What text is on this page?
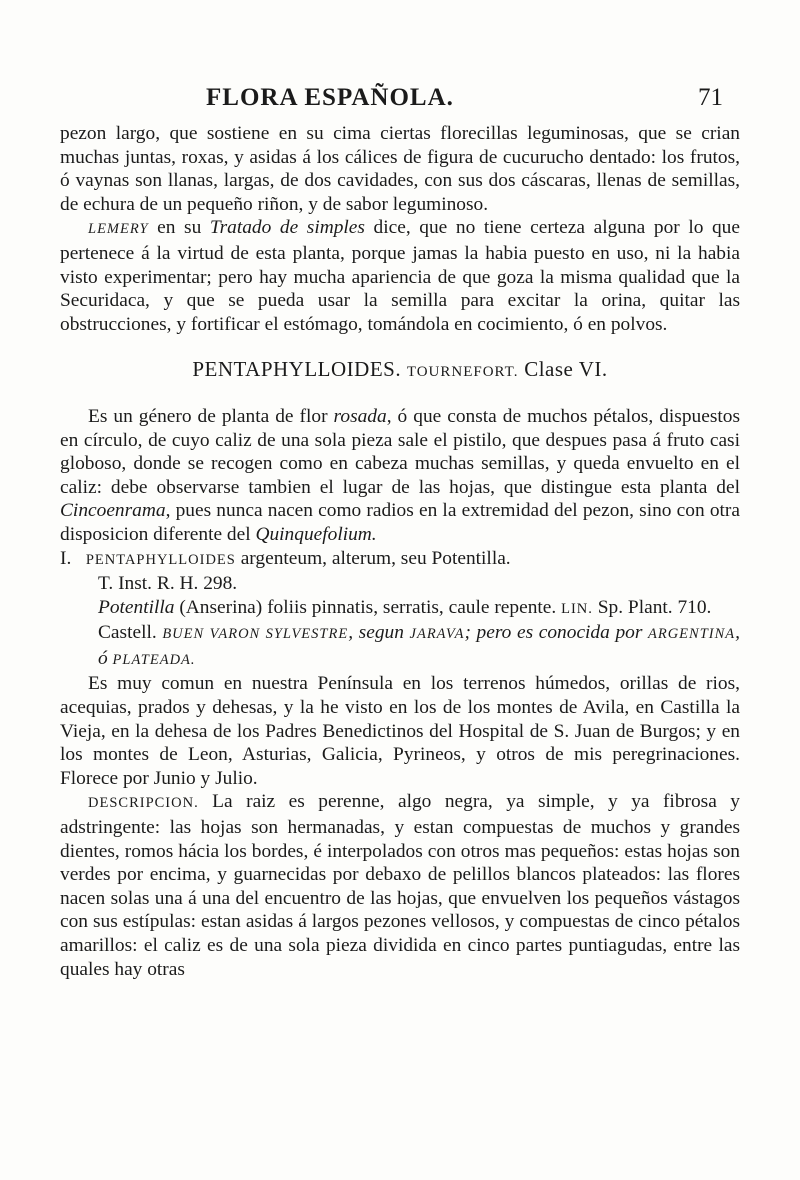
FLORA ESPAÑOLA.	71

pezon largo, que sostiene en su cima ciertas florecillas leguminosas, que se crian muchas juntas, roxas, y asidas á los cálices de figura de cucurucho dentado: los frutos, ó vaynas son llanas, largas, de dos cavidades, con sus dos cáscaras, llenas de semillas, de echura de un pequeño riñon, y de sabor leguminoso.

LEMERY en su Tratado de simples dice, que no tiene certeza alguna por lo que pertenece á la virtud de esta planta, porque jamas la habia puesto en uso, ni la habia visto experimentar; pero hay mucha apariencia de que goza la misma qualidad que la Securidaca, y que se pueda usar la semilla para excitar la orina, quitar las obstrucciones, y fortificar el estómago, tomándola en cocimiento, ó en polvos.

PENTAPHYLLOIDES. TOURNEFORT. Clase VI.

Es un género de planta de flor rosada, ó que consta de muchos pétalos, dispuestos en círculo, de cuyo caliz de una sola pieza sale el pistilo, que despues pasa á fruto casi globoso, donde se recogen como en cabeza muchas semillas, y queda envuelto en el caliz: debe observarse tambien el lugar de las hojas, que distingue esta planta del Cincoenrama, pues nunca nacen como radios en la extremidad del pezon, sino con otra disposicion diferente del Quinquefolium.

I. PENTAPHYLLOIDES argenteum, alterum, seu Potentilla.

T. Inst. R. H. 298.

Potentilla (Anserina) foliis pinnatis, serratis, caule repente. LIN. Sp. Plant. 710.

Castell. BUEN VARON SYLVESTRE, segun JARAVA; pero es conocida por ARGENTINA, ó PLATEADA.

Es muy comun en nuestra Península en los terrenos húmedos, orillas de rios, acequias, prados y dehesas, y la he visto en los de los montes de Avila, en Castilla la Vieja, en la dehesa de los Padres Benedictinos del Hospital de S. Juan de Burgos; y en los montes de Leon, Asturias, Galicia, Pyrineos, y otros de mis peregrinaciones. Florece por Junio y Julio.

DESCRIPCION. La raiz es perenne, algo negra, ya simple, y ya fibrosa y adstringente: las hojas son hermanadas, y estan compuestas de muchos y grandes dientes, romos hácia los bordes, é interpolados con otros mas pequeños: estas hojas son verdes por encima, y guarnecidas por debaxo de pelillos blancos plateados: las flores nacen solas una á una del encuentro de las hojas, que envuelven los pequeños vástagos con sus estípulas: estan asidas á largos pezones vellosos, y compuestas de cinco pétalos amarillos: el caliz es de una sola pieza dividida en cinco partes puntiagudas, entre las quales hay otras
